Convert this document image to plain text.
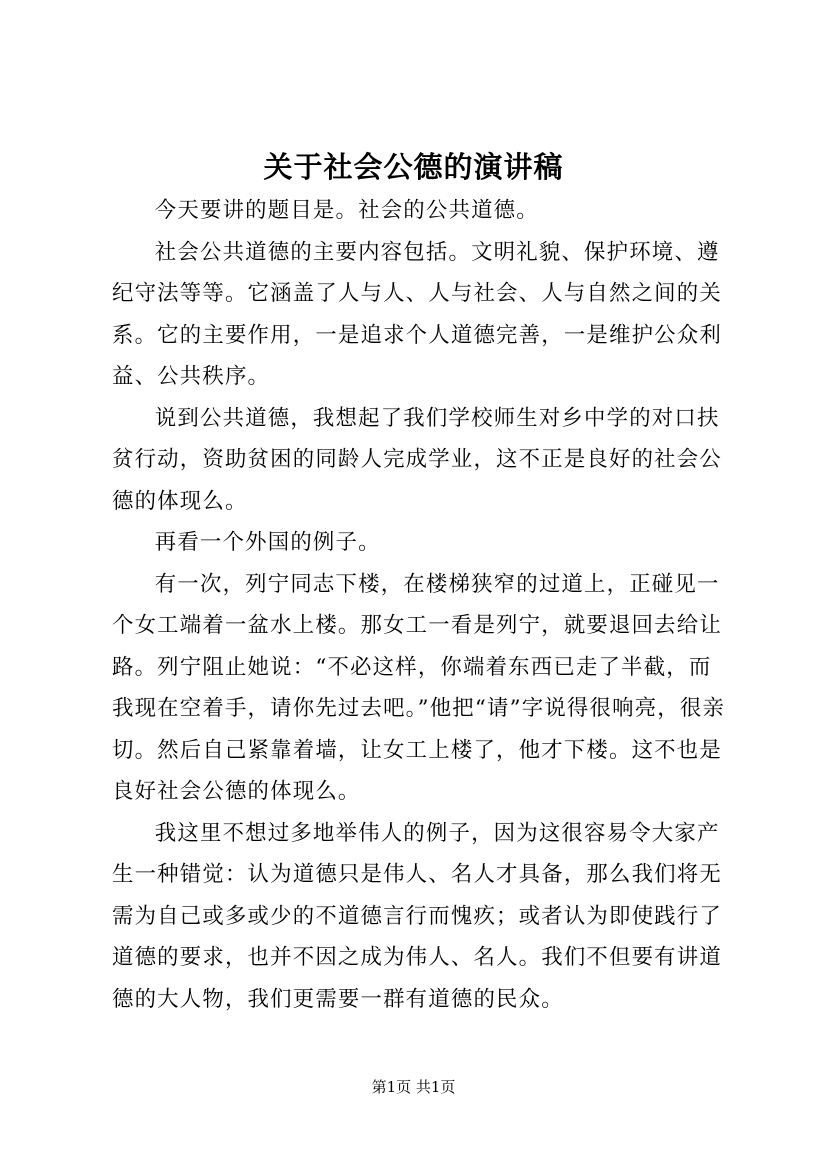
关于社会公德的演讲稿

今天要讲的题目是。社会的公共道德。

社会公共道德的主要内容包括。文明礼貌、保护环境、遵纪守法等等。它涵盖了人与人、人与社会、人与自然之间的关系。它的主要作用，一是追求个人道德完善，一是维护公众利益、公共秩序。

说到公共道德，我想起了我们学校师生对乡中学的对口扶贫行动，资助贫困的同龄人完成学业，这不正是良好的社会公德的体现么。

再看一个外国的例子。

有一次，列宁同志下楼，在楼梯狭窄的过道上，正碰见一个女工端着一盆水上楼。那女工一看是列宁，就要退回去给让路。列宁阻止她说：“不必这样，你端着东西已走了半截，而我现在空着手，请你先过去吧。”他把“请”字说得很响亮，很亲切。然后自己紧靠着墙，让女工上楼了，他才下楼。这不也是良好社会公德的体现么。

我这里不想过多地举伟人的例子，因为这很容易令大家产生一种错觉：认为道德只是伟人、名人才具备，那么我们将无需为自己或多或少的不道德言行而愧疚；或者认为即使践行了道德的要求，也并不因之成为伟人、名人。我们不但要有讲道德的大人物，我们更需要一群有道德的民众。

第1页 共1页
